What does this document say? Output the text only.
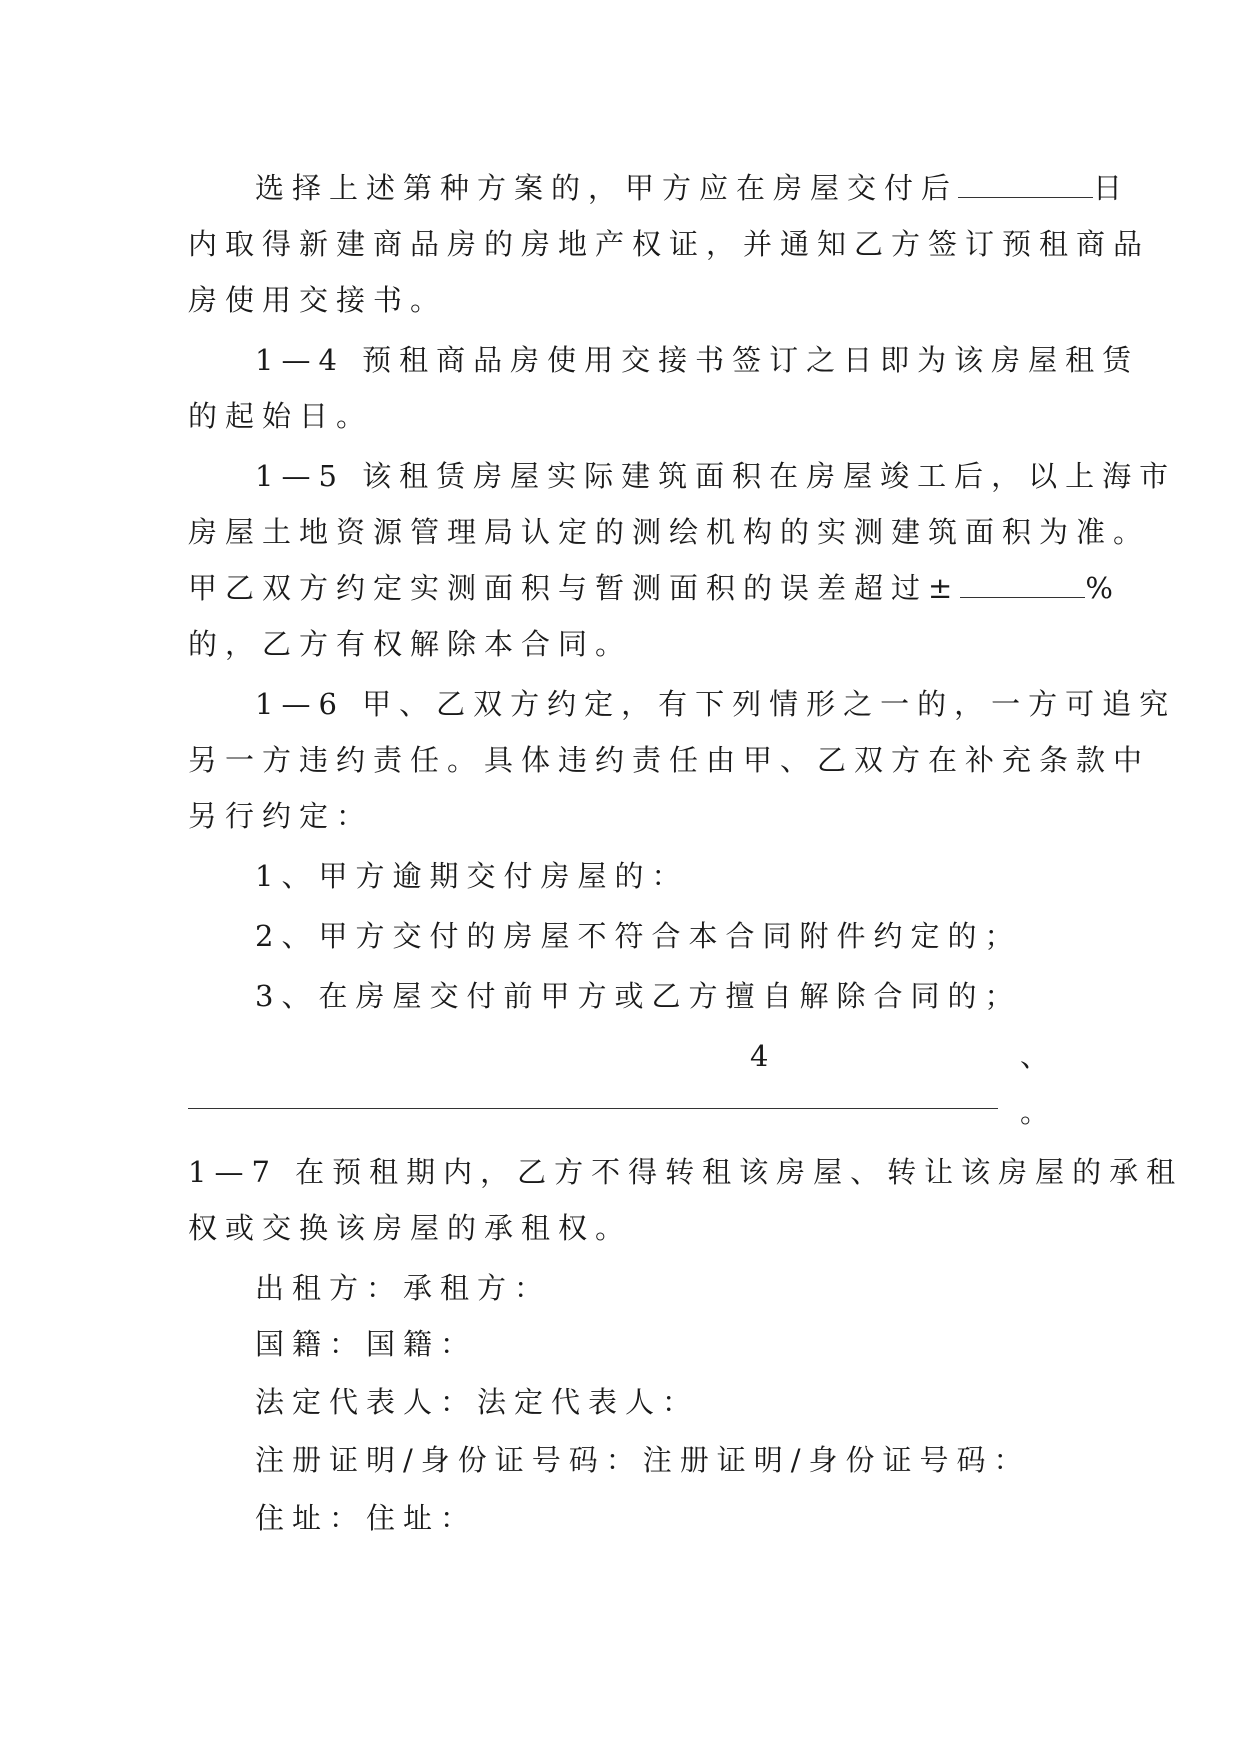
选择上述第种方案的，甲方应在房屋交付后	日
内取得新建商品房的房地产权证，并通知乙方签订预租商品
房使用交接书。
1—4 预租商品房使用交接书签订之日即为该房屋租赁
的起始日。
1—5 该租赁房屋实际建筑面积在房屋竣工后，以上海市
房屋土地资源管理局认定的测绘机构的实测建筑面积为准。
甲乙双方约定实测面积与暂测面积的误差超过±	%
的，乙方有权解除本合同。
1—6 甲、乙双方约定，有下列情形之一的，一方可追究
另一方违约责任。具体违约责任由甲、乙双方在补充条款中
另行约定：
1、甲方逾期交付房屋的：
2、甲方交付的房屋不符合本合同附件约定的；
3、在房屋交付前甲方或乙方擅自解除合同的；
4	、
。
1—7 在预租期内，乙方不得转租该房屋、转让该房屋的承租
权或交换该房屋的承租权。
出租方：承租方：
国籍：国籍：
法定代表人：法定代表人：
注册证明/身份证号码：注册证明/身份证号码：
住址：住址：
